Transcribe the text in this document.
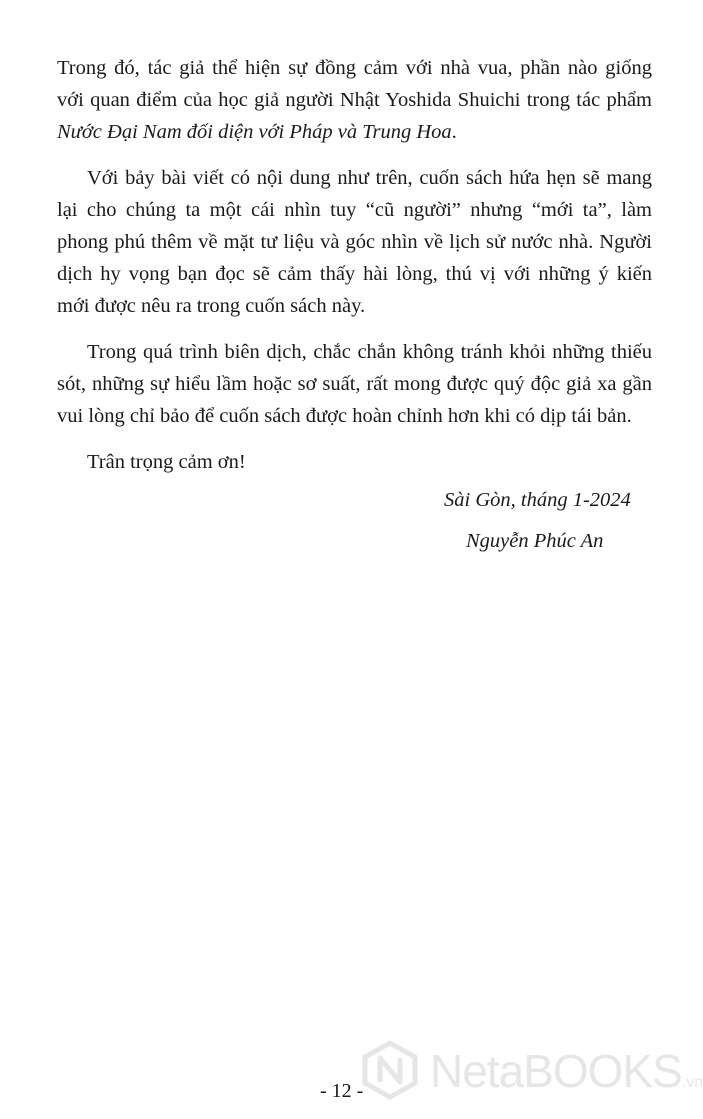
Trong đó, tác giả thể hiện sự đồng cảm với nhà vua, phần nào giống
với quan điểm của học giả người Nhật Yoshida Shuichi trong tác phẩm
Nước Đại Nam đối diện với Pháp và Trung Hoa.

Với bảy bài viết có nội dung như trên, cuốn sách hứa hẹn sẽ mang
lại cho chúng ta một cái nhìn tuy “cũ người” nhưng “mới ta”, làm
phong phú thêm về mặt tư liệu và góc nhìn về lịch sử nước nhà. Người
dịch hy vọng bạn đọc sẽ cảm thấy hài lòng, thú vị với những ý kiến
mới được nêu ra trong cuốn sách này.

Trong quá trình biên dịch, chắc chắn không tránh khỏi những thiếu
sót, những sự hiểu lầm hoặc sơ suất, rất mong được quý độc giả xa gần
vui lòng chỉ bảo để cuốn sách được hoàn chỉnh hơn khi có dịp tái bản.

Trân trọng cảm ơn!

Sài Gòn, tháng 1-2024
Nguyễn Phúc An
NetaBOOKS.vn
- 12 -
